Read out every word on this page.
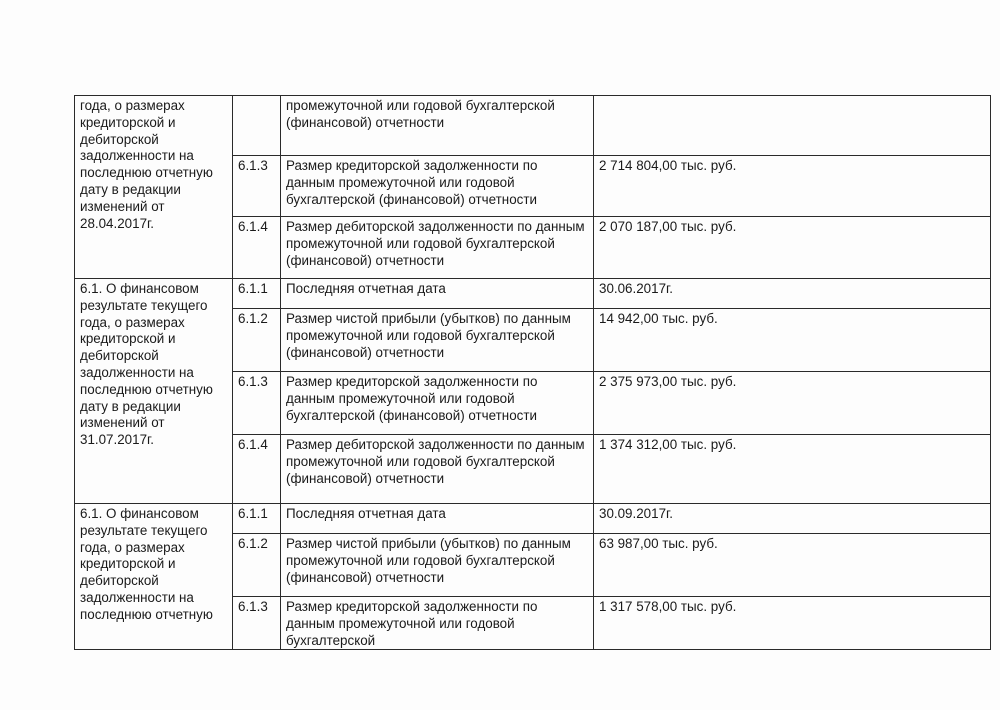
года, о размерах кредиторской и дебиторской задолженности на последнюю отчетную дату в редакции изменений от 28.04.2017г.		промежуточной или годовой бухгалтерской (финансовой) отчетности	
	6.1.3	Размер кредиторской задолженности по данным промежуточной или годовой бухгалтерской (финансовой) отчетности	2 714 804,00 тыс. руб.
	6.1.4	Размер дебиторской задолженности по данным промежуточной или годовой бухгалтерской (финансовой) отчетности	2 070 187,00 тыс. руб.
6.1. О финансовом результате текущего года, о размерах кредиторской и дебиторской задолженности на последнюю отчетную дату в редакции изменений от 31.07.2017г.	6.1.1	Последняя отчетная дата	30.06.2017г.
	6.1.2	Размер чистой прибыли (убытков) по данным промежуточной или годовой бухгалтерской (финансовой) отчетности	14 942,00 тыс. руб.
	6.1.3	Размер кредиторской задолженности по данным промежуточной или годовой бухгалтерской (финансовой) отчетности	2 375 973,00 тыс. руб.
	6.1.4	Размер дебиторской задолженности по данным промежуточной или годовой бухгалтерской (финансовой) отчетности	1 374 312,00 тыс. руб.
6.1. О финансовом результате текущего года, о размерах кредиторской и дебиторской задолженности на последнюю отчетную	6.1.1	Последняя отчетная дата	30.09.2017г.
	6.1.2	Размер чистой прибыли (убытков) по данным промежуточной или годовой бухгалтерской (финансовой) отчетности	63 987,00 тыс. руб.
	6.1.3	Размер кредиторской задолженности по данным промежуточной или годовой бухгалтерской	1 317 578,00 тыс. руб.
